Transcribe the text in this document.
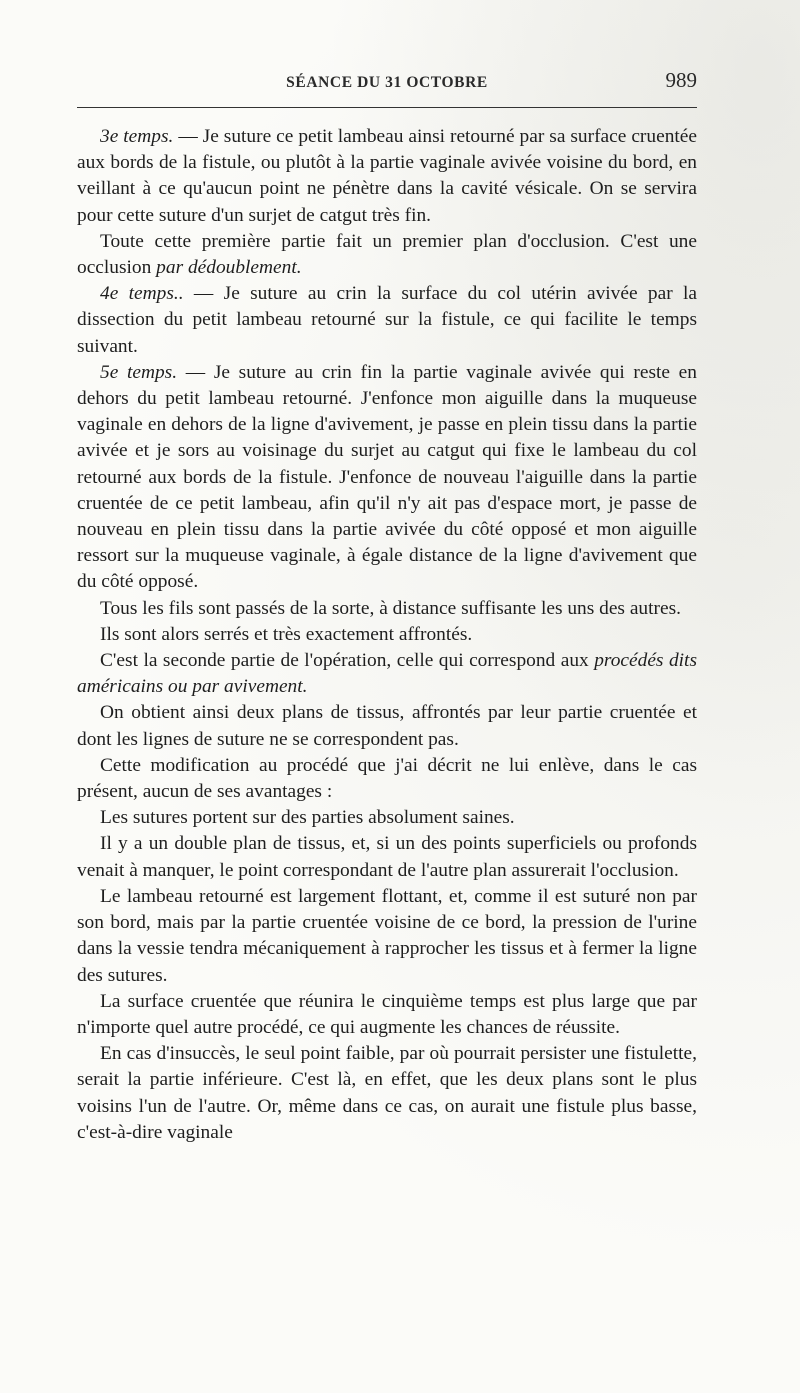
SÉANCE DU 31 OCTOBRE	989

3e temps. — Je suture ce petit lambeau ainsi retourné par sa surface cruentée aux bords de la fistule, ou plutôt à la partie vaginale avivée voisine du bord, en veillant à ce qu'aucun point ne pénètre dans la cavité vésicale. On se servira pour cette suture d'un surjet de catgut très fin.

Toute cette première partie fait un premier plan d'occlusion. C'est une occlusion par dédoublement.

4e temps.. — Je suture au crin la surface du col utérin avivée par la dissection du petit lambeau retourné sur la fistule, ce qui facilite le temps suivant.

5e temps. — Je suture au crin fin la partie vaginale avivée qui reste en dehors du petit lambeau retourné. J'enfonce mon aiguille dans la muqueuse vaginale en dehors de la ligne d'avivement, je passe en plein tissu dans la partie avivée et je sors au voisinage du surjet au catgut qui fixe le lambeau du col retourné aux bords de la fistule. J'enfonce de nouveau l'aiguille dans la partie cruentée de ce petit lambeau, afin qu'il n'y ait pas d'espace mort, je passe de nouveau en plein tissu dans la partie avivée du côté opposé et mon aiguille ressort sur la muqueuse vaginale, à égale distance de la ligne d'avivement que du côté opposé.

Tous les fils sont passés de la sorte, à distance suffisante les uns des autres.

Ils sont alors serrés et très exactement affrontés.

C'est la seconde partie de l'opération, celle qui correspond aux procédés dits américains ou par avivement.

On obtient ainsi deux plans de tissus, affrontés par leur partie cruentée et dont les lignes de suture ne se correspondent pas.

Cette modification au procédé que j'ai décrit ne lui enlève, dans le cas présent, aucun de ses avantages :

Les sutures portent sur des parties absolument saines.

Il y a un double plan de tissus, et, si un des points superficiels ou profonds venait à manquer, le point correspondant de l'autre plan assurerait l'occlusion.

Le lambeau retourné est largement flottant, et, comme il est suturé non par son bord, mais par la partie cruentée voisine de ce bord, la pression de l'urine dans la vessie tendra mécaniquement à rapprocher les tissus et à fermer la ligne des sutures.

La surface cruentée que réunira le cinquième temps est plus large que par n'importe quel autre procédé, ce qui augmente les chances de réussite.

En cas d'insuccès, le seul point faible, par où pourrait persister une fistulette, serait la partie inférieure. C'est là, en effet, que les deux plans sont le plus voisins l'un de l'autre. Or, même dans ce cas, on aurait une fistule plus basse, c'est-à-dire vaginale
